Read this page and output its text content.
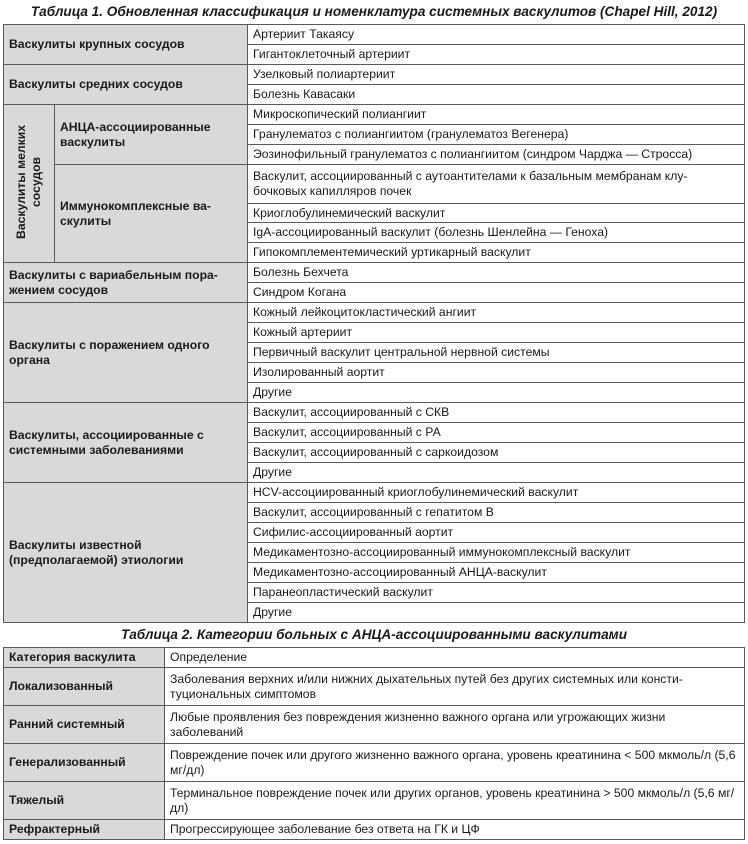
Таблица 1. Обновленная классификация и номенклатура системных васкулитов (Chapel Hill, 2012)
Васкулиты крупных сосудов		Артериит Такаясу
		Гигантоклеточный артериит
Васкулиты средних сосудов		Узелковый полиартериит
		Болезнь Кавасаки
Васкулиты мелких
сосудов	АНЦА-ассоциированные васкулиты	Микроскопический полиангиит
		Гранулематоз с полиангиитом (гранулематоз Вегенера)
		Эозинофильный гранулематоз с полиангиитом (синдром Чарджа — Стросса)
	Иммунокомплексные ва-скулиты	Васкулит, ассоциированный с аутоантителами к базальным мембранам клу-бочковых капилляров почек
		Криоглобулинемический васкулит
		IgA-ассоциированный васкулит (болезнь Шенлейна — Геноха)
		Гипокомплементемический уртикарный васкулит
Васкулиты с вариабельным пора-жением сосудов		Болезнь Бехчета
		Синдром Когана
Васкулиты с поражением одного органа		Кожный лейкоцитокластический ангиит
		Кожный артериит
		Первичный васкулит центральной нервной системы
		Изолированный аортит
		Другие
Васкулиты, ассоциированные с системными заболеваниями		Васкулит, ассоциированный с СКВ
		Васкулит, ассоциированный с РА
		Васкулит, ассоциированный с саркоидозом
		Другие
Васкулиты известной (предполагаемой) этиологии		HCV-ассоциированный криоглобулинемический васкулит
		Васкулит, ассоциированный с гепатитом В
		Сифилис-ассоциированный аортит
		Медикаментозно-ассоциированный иммунокомплексный васкулит
		Медикаментозно-ассоциированный АНЦА-васкулит
		Паранеопластический васкулит
		Другие
Таблица 2. Категории больных с АНЦА-ассоциированными васкулитами
Категория васкулита	Определение
Локализованный	Заболевания верхних и/или нижних дыхательных путей без других системных или консти-туциональных симптомов
Ранний системный	Любые проявления без повреждения жизненно важного органа или угрожающих жизни заболеваний
Генерализованный	Повреждение почек или другого жизненно важного органа, уровень креатинина < 500 мкмоль/л (5,6 мг/дл)
Тяжелый	Терминальное повреждение почек или других органов, уровень креатинина > 500 мкмоль/л (5,6 мг/дл)
Рефрактерный	Прогрессирующее заболевание без ответа на ГК и ЦФ
